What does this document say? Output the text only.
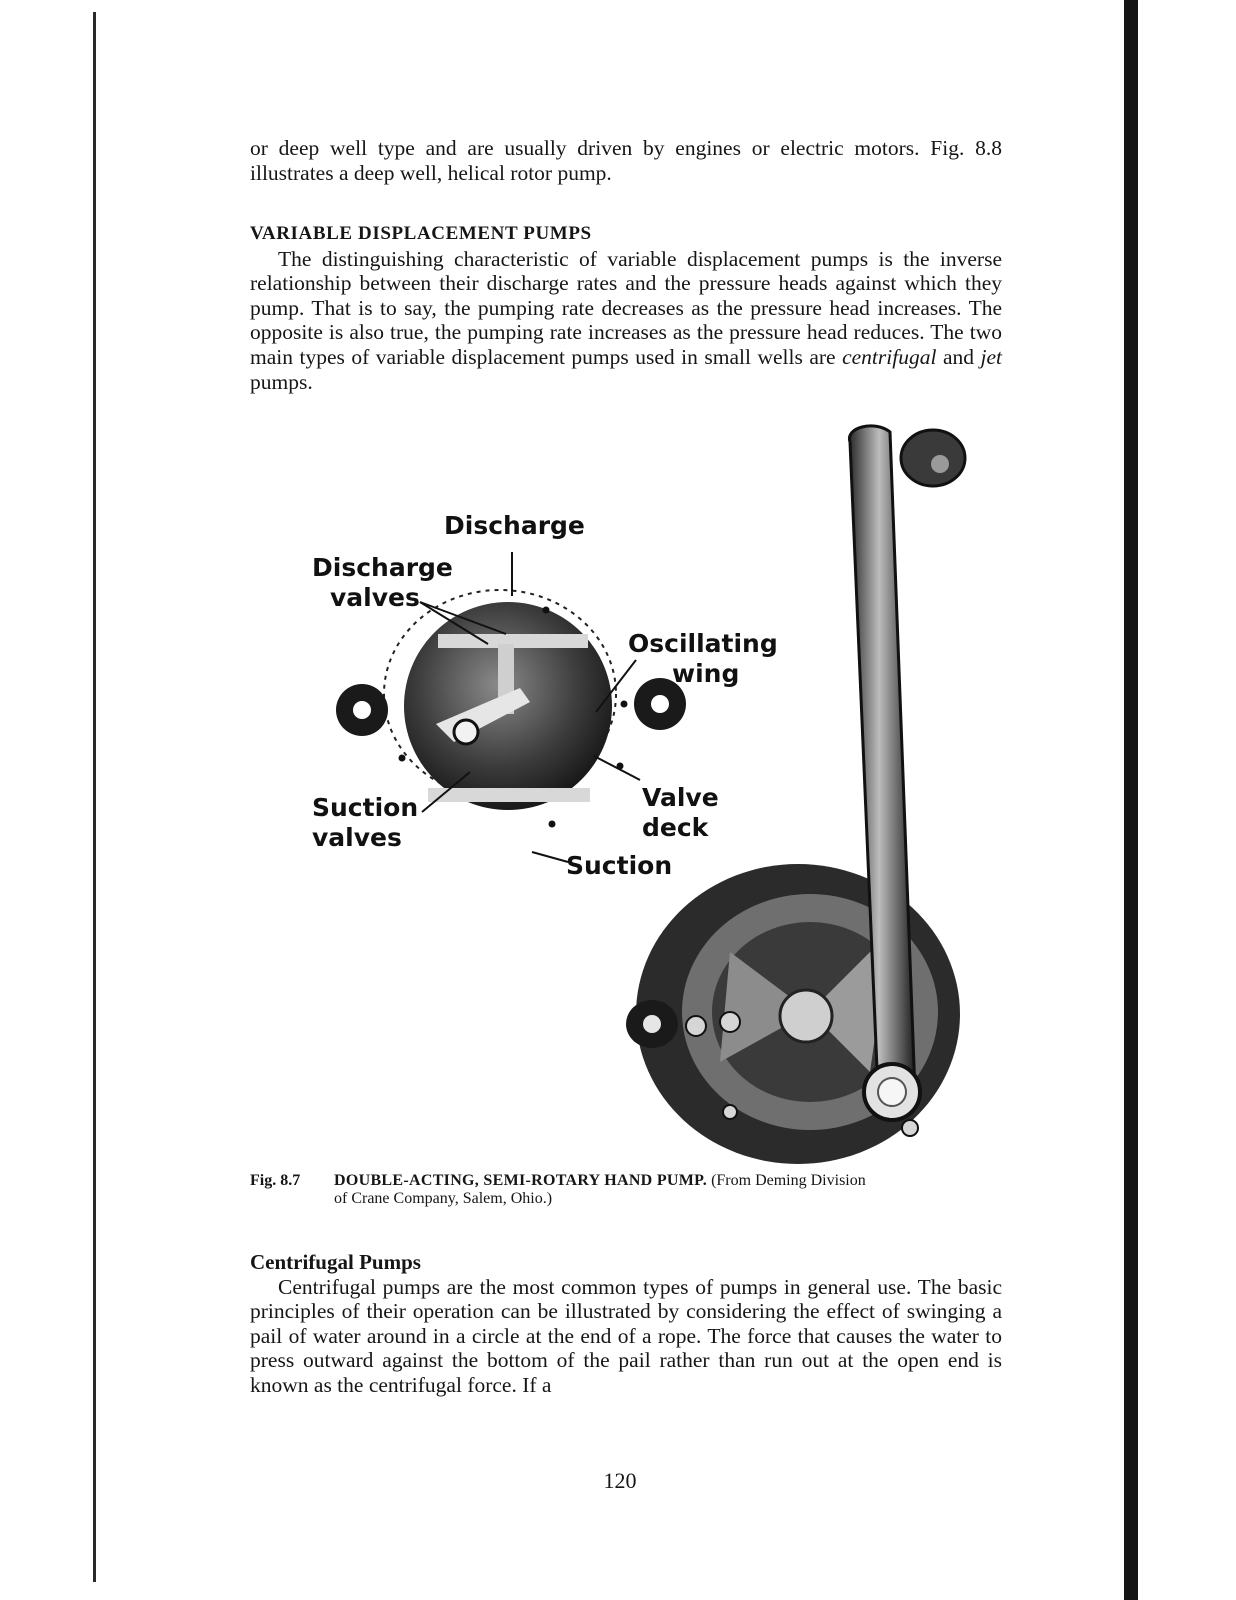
or deep well type and are usually driven by engines or electric motors. Fig. 8.8

illustrates a deep well, helical rotor pump.

VARIABLE DISPLACEMENT PUMPS

The distinguishing characteristic of variable displacement pumps is the inverse relationship between their discharge rates and the pressure heads against which they pump. That is to say, the pumping rate decreases as the pressure head increases. The opposite is also true, the pumping rate increases as the pressure head reduces. The two main types of variable displacement pumps used in small wells are centrifugal and jet pumps.

Discharge
Discharge
valves
Oscillating
wing
Suction
valves
Valve
deck
Suction
Fig. 8.7 DOUBLE-ACTING, SEMI-ROTARY HAND PUMP. (From Deming Division
of Crane Company, Salem, Ohio.)

Centrifugal Pumps

Centrifugal pumps are the most common types of pumps in general use. The basic principles of their operation can be illustrated by considering the effect of swinging a pail of water around in a circle at the end of a rope. The force that causes the water to press outward against the bottom of the pail rather than run out at the open end is known as the centrifugal force. If a

120
